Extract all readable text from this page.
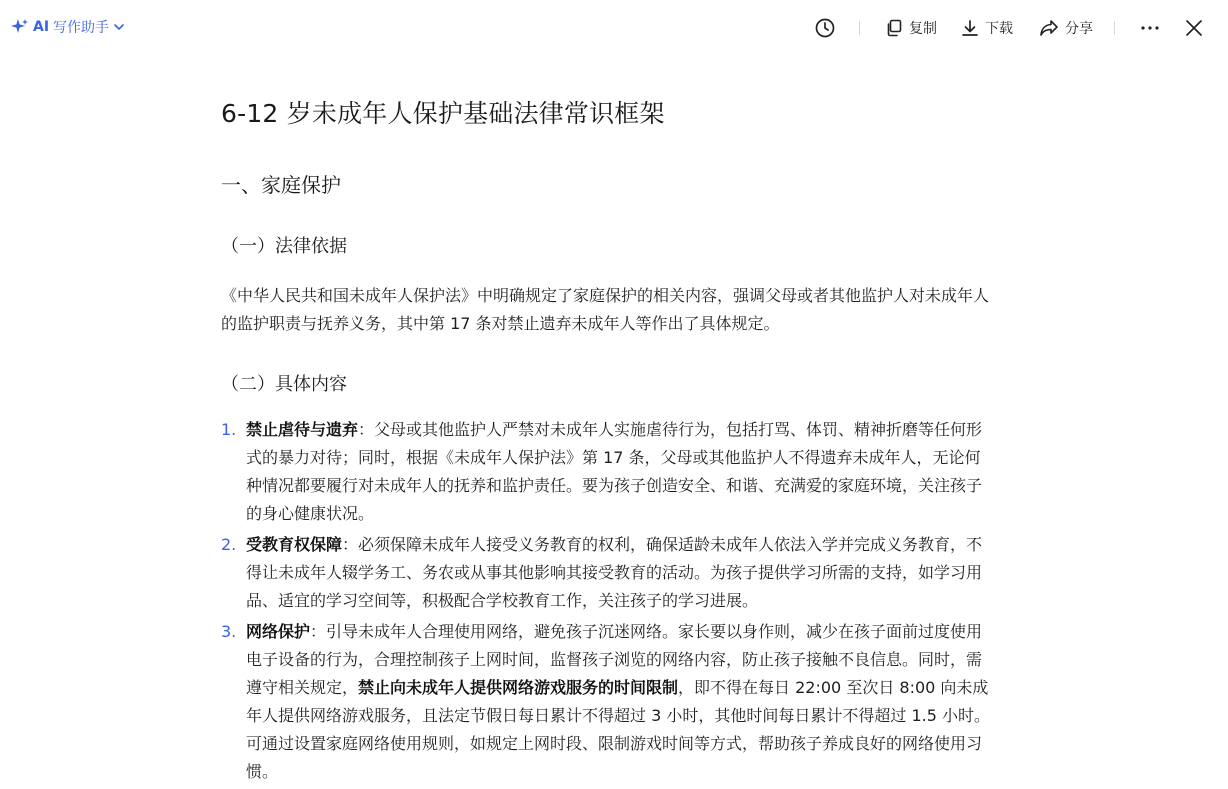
AI 写作助手	复制	下载	分享
6-12 岁未成年人保护基础法律常识框架
一、家庭保护
（一）法律依据

《中华人民共和国未成年人保护法》中明确规定了家庭保护的相关内容，强调父母或者其他监护人对未成年人的监护职责与抚养义务，其中第 17 条对禁止遗弃未成年人等作出了具体规定。

（二）具体内容
1. 禁止虐待与遗弃：父母或其他监护人严禁对未成年人实施虐待行为，包括打骂、体罚、精神折磨等任何形式的暴力对待；同时，根据《未成年人保护法》第 17 条，父母或其他监护人不得遗弃未成年人，无论何种情况都要履行对未成年人的抚养和监护责任。要为孩子创造安全、和谐、充满爱的家庭环境，关注孩子的身心健康状况。
2. 受教育权保障：必须保障未成年人接受义务教育的权利，确保适龄未成年人依法入学并完成义务教育，不得让未成年人辍学务工、务农或从事其他影响其接受教育的活动。为孩子提供学习所需的支持，如学习用品、适宜的学习空间等，积极配合学校教育工作，关注孩子的学习进展。
3. 网络保护：引导未成年人合理使用网络，避免孩子沉迷网络。家长要以身作则，减少在孩子面前过度使用电子设备的行为，合理控制孩子上网时间，监督孩子浏览的网络内容，防止孩子接触不良信息。同时，需遵守相关规定，禁止向未成年人提供网络游戏服务的时间限制，即不得在每日 22:00 至次日 8:00 向未成年人提供网络游戏服务，且法定节假日每日累计不得超过 3 小时，其他时间每日累计不得超过 1.5 小时。可通过设置家庭网络使用规则，如规定上网时段、限制游戏时间等方式，帮助孩子养成良好的网络使用习惯。
